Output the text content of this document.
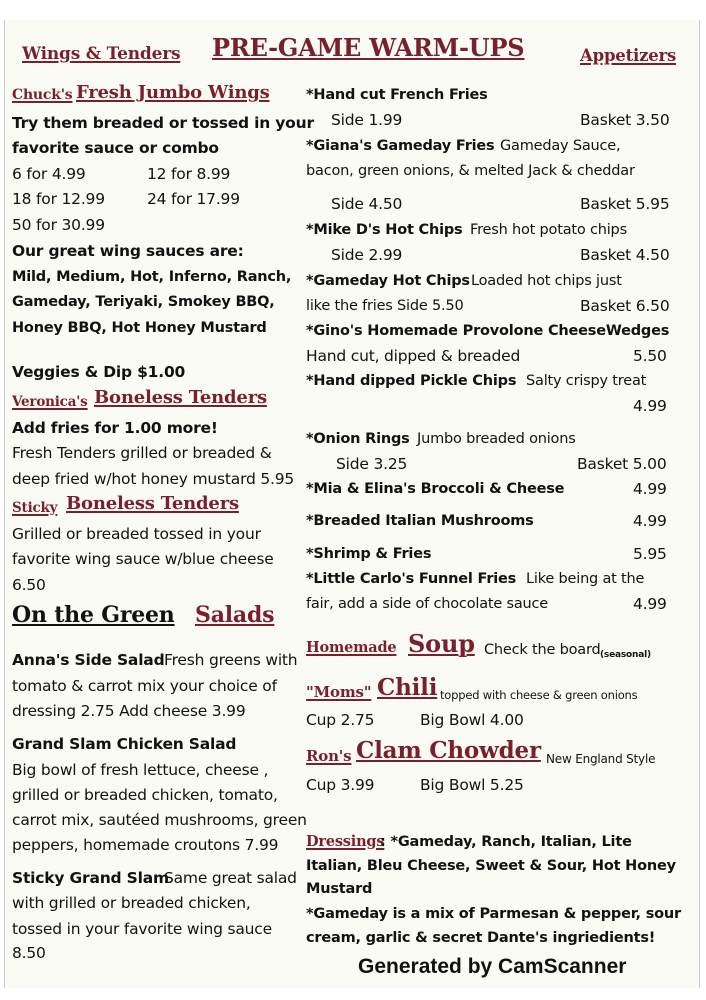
Wings & Tenders PRE-GAME WARM-UPS	Appetizers
Chuck's Fresh Jumbo Wings
Try them breaded or tossed in your
favorite sauce or combo
6 for 4.99	12 for 8.99
18 for 12.99	24 for 17.99
50 for 30.99
Our great wing sauces are:
Mild, Medium, Hot, Inferno, Ranch,
Gameday, Teriyaki, Smokey BBQ,
Honey BBQ, Hot Honey Mustard
Veggies & Dip $1.00
Veronica's Boneless Tenders
Add fries for 1.00 more!
Fresh Tenders grilled or breaded &
deep fried w/hot honey mustard 5.95
Sticky Boneless Tenders
Grilled or breaded tossed in your
favorite wing sauce w/blue cheese
6.50
On the Green Salads
Anna's Side Salad Fresh greens with
tomato & carrot mix your choice of
dressing 2.75 Add cheese 3.99
Grand Slam Chicken Salad
Big bowl of fresh lettuce, cheese ,
grilled or breaded chicken, tomato,
carrot mix, sautéed mushrooms, green
peppers, homemade croutons 7.99
Sticky Grand Slam
Same great salad
with grilled or breaded chicken,
tossed in your favorite wing sauce
8.50
*Hand cut French Fries
Side 1.99	Basket 3.50
*Giana's Gameday Fries Gameday Sauce,
bacon, green onions, & melted Jack & cheddar
Side 4.50	Basket 5.95
*Mike D's Hot Chips Fresh hot potato chips
Side 2.99	Basket 4.50
*Gameday Hot Chips Loaded hot chips just
like the fries Side 5.50	Basket 6.50
*Gino's Homemade Provolone CheeseWedges
Hand cut, dipped & breaded	5.50
*Hand dipped Pickle Chips Salty crispy treat
4.99
*Onion Rings Jumbo breaded onions
Side 3.25	Basket 5.00
*Mia & Elina's Broccoli & Cheese	4.99
*Breaded Italian Mushrooms	4.99
*Shrimp & Fries	5.95
*Little Carlo's Funnel Fries Like being at the
fair, add a side of chocolate sauce	4.99
Homemade Soup Check the board (seasonal)
"Moms" Chili topped with cheese & green onions
Cup 2.75	Big Bowl 4.00
Ron's Clam Chowder New England Style
Cup 3.99	Big Bowl 5.25
Dressings
: *Gameday, Ranch, Italian, Lite
Italian, Bleu Cheese, Sweet & Sour, Hot Honey
Mustard
*Gameday is a mix of Parmesan & pepper, sour
cream, garlic & secret Dante's ingriedients!
Generated by CamScanner
